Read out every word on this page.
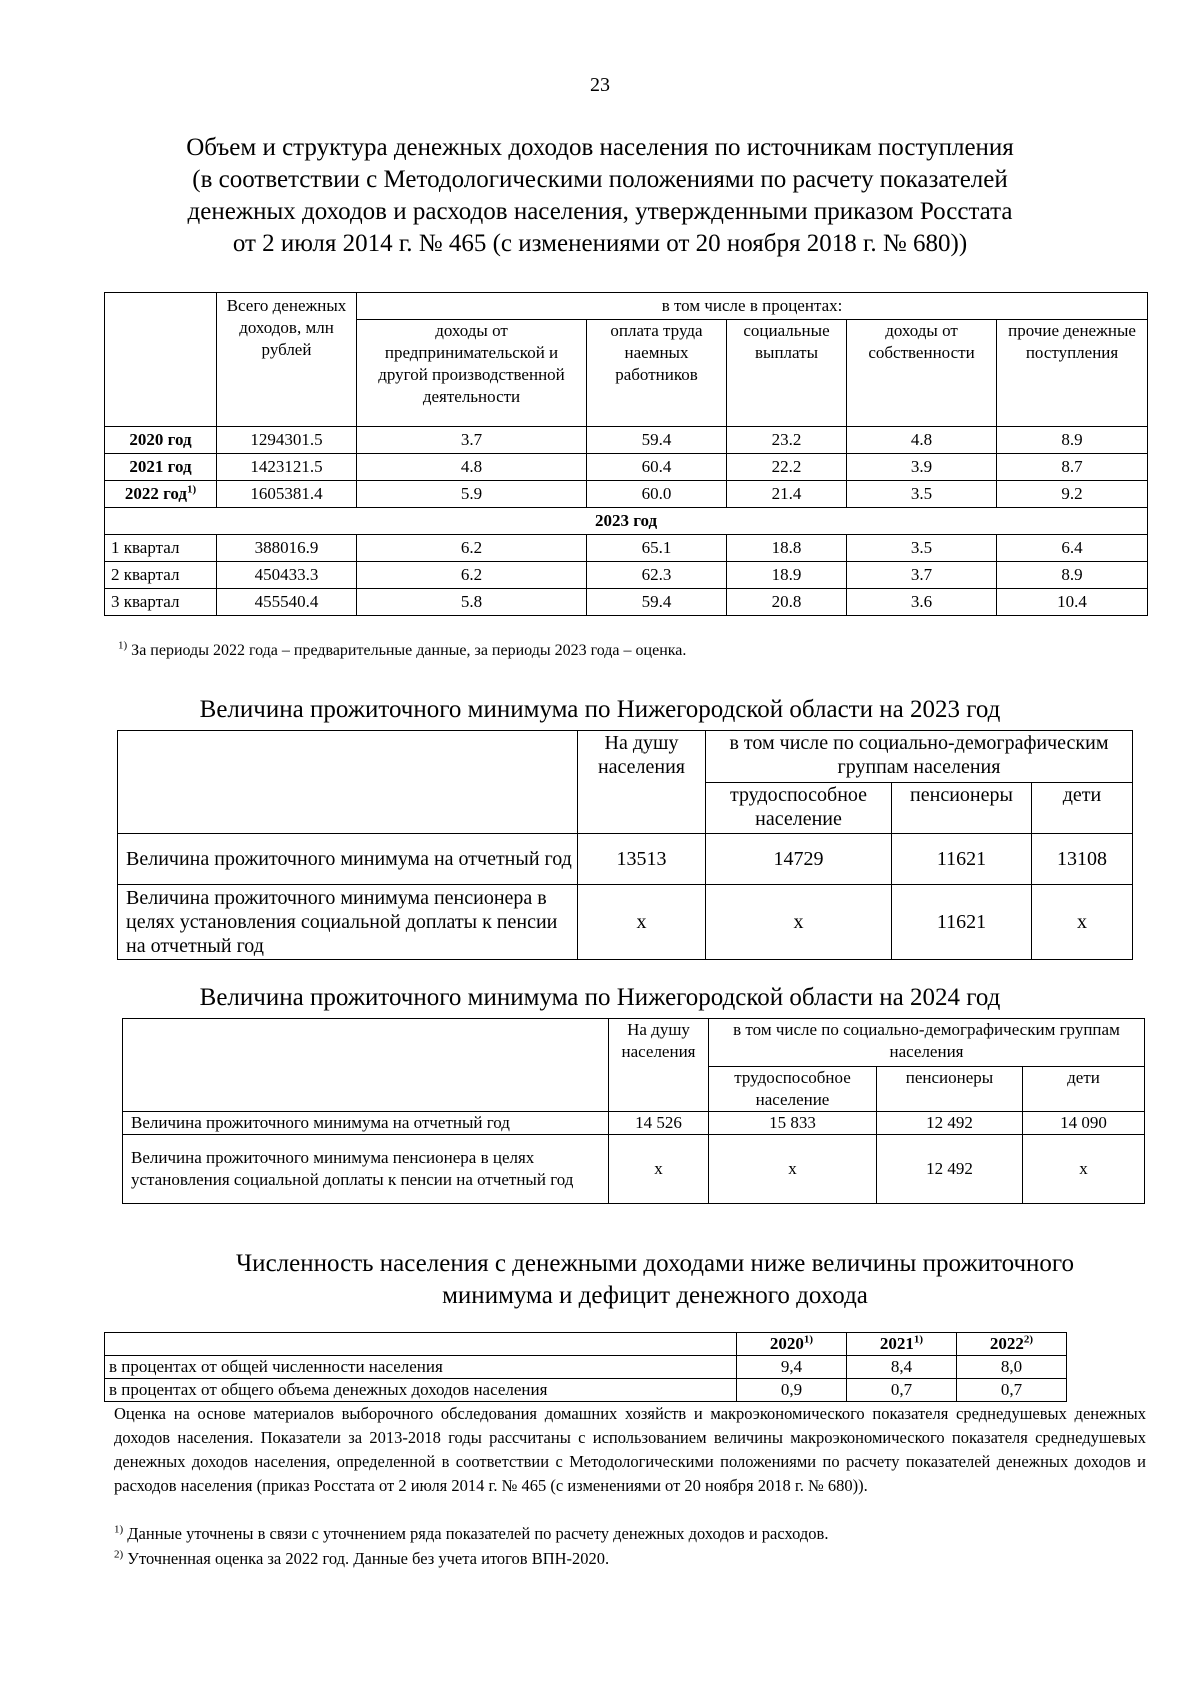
23
Объем и структура денежных доходов населения по источникам поступления
(в соответствии с Методологическими положениями по расчету показателей
денежных доходов и расходов населения, утвержденными приказом Росстата
от 2 июля 2014 г. № 465 (с изменениями от 20 ноября 2018 г. № 680))
	Всего денежных доходов, млн рублей	в том числе в процентах:				
		доходы от предпринимательской и другой производственной деятельности	оплата труда наемных работников	социальные выплаты	доходы от собственности	прочие денежные поступления
2020 год	1294301.5	3.7	59.4	23.2	4.8	8.9
2021 год	1423121.5	4.8	60.4	22.2	3.9	8.7
2022 год$^{1)}$	1605381.4	5.9	60.0	21.4	3.5	9.2
2023 год						
1 квартал	388016.9	6.2	65.1	18.8	3.5	6.4
2 квартал	450433.3	6.2	62.3	18.9	3.7	8.9
3 квартал	455540.4	5.8	59.4	20.8	3.6	10.4
$^{1)}$ За периоды 2022 года – предварительные данные, за периоды 2023 года – оценка.
Величина прожиточного минимума по Нижегородской области на 2023 год
	На душу населения	в том числе по социально-демографическим группам населения		
		трудоспособное население	пенсионеры	дети
Величина прожиточного минимума на отчетный год	13513	14729	11621	13108
Величина прожиточного минимума пенсионера в целях установления социальной доплаты к пенсии на отчетный год	х	х	11621	х
Величина прожиточного минимума по Нижегородской области на 2024 год
	На душу населения	в том числе по социально-демографическим группам населения		
		трудоспособное население	пенсионеры	дети
Величина прожиточного минимума на отчетный год	14 526	15 833	12 492	14 090
Величина прожиточного минимума пенсионера в целях установления социальной доплаты к пенсии на отчетный год	х	х	12 492	х
Численность населения с денежными доходами ниже величины прожиточного
минимума и дефицит денежного дохода
	2020$^{1)}$	2021$^{1)}$	2022$^{2)}$
в процентах от общей численности населения	9,4	8,4	8,0
в процентах от общего объема денежных доходов населения	0,9	0,7	0,7
Оценка на основе материалов выборочного обследования домашних хозяйств и макроэкономического показателя среднедушевых денежных доходов населения. Показатели за 2013-2018 годы рассчитаны с использованием величины макроэкономического показателя среднедушевых денежных доходов населения, определенной в соответствии с Методологическими положениями по расчету показателей денежных доходов и расходов населения (приказ Росстата от 2 июля 2014 г. № 465 (с изменениями от 20 ноября 2018 г. № 680)).
$^{1)}$ Данные уточнены в связи с уточнением ряда показателей по расчету денежных доходов и расходов.
$^{2)}$ Уточненная оценка за 2022 год. Данные без учета итогов ВПН-2020.
